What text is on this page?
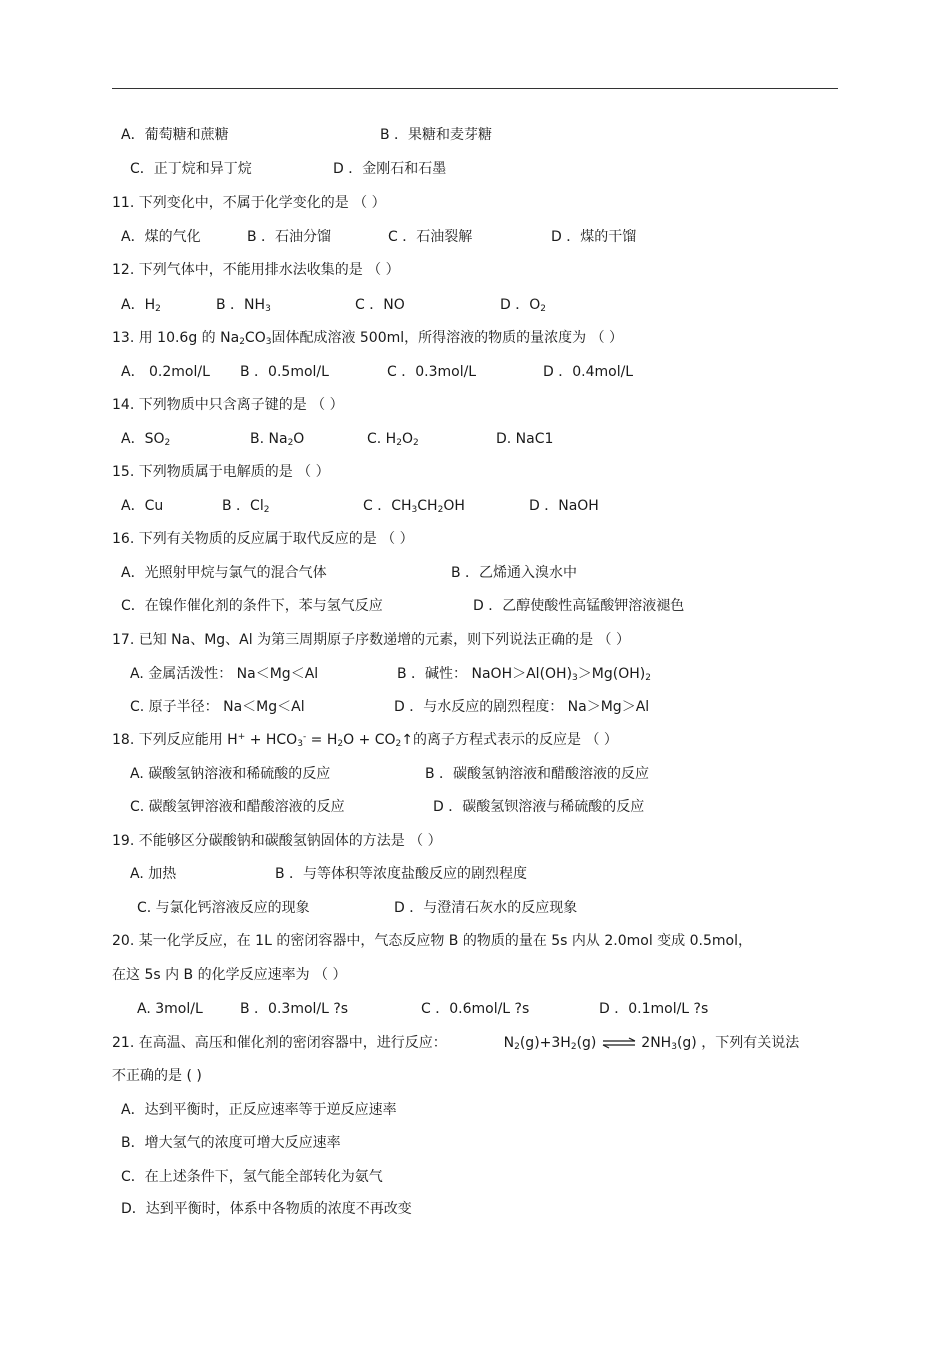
A．葡萄糖和蔗糖	B ．果糖和麦芽糖
C．正丁烷和异丁烷	D ．金刚石和石墨
11. 下列变化中，不属于化学变化的是 （ ）
A．煤的气化	B ．石油分馏	C ．石油裂解	D ．煤的干馏
12. 下列气体中，不能用排水法收集的是 （ ）
A．$H_2$	B ．$NH_3$	C ．NO	D ．$O_2$
13. 用 10.6g 的 $Na_2CO_3$固体配成溶液 500ml，所得溶液的物质的量浓度为 （ ）
A． 0.2mol/L B ．0.5mol/L	C ．0.3mol/L	D ．0.4mol/L
14. 下列物质中只含离子键的是 （ ）
A．$SO_2$	B. $Na_2O$	C. $H_2O_2$	D. NaC1
15. 下列物质属于电解质的是 （ ）
A．Cu	B ．$Cl_2$	C ．$CH_3CH_2OH$	D ．NaOH
16. 下列有关物质的反应属于取代反应的是 （ ）
A．光照射甲烷与氯气的混合气体	B ．乙烯通入溴水中
C．在镍作催化剂的条件下，苯与氢气反应	D ．乙醇使酸性高锰酸钾溶液褪色
17. 已知 Na、Mg、Al 为第三周期原子序数递增的元素，则下列说法正确的是 （ ）
A. 金属活泼性： Na＜Mg＜Al	B ．碱性： $NaOH>Al(OH)_3>Mg(OH)_2$
C. 原子半径： Na＜Mg＜Al	D ．与水反应的剧烈程度： Na＞Mg＞Al
18. 下列反应能用 $H^+ + HCO_3^- = H_2O$ + $CO_2↑$的离子方程式表示的反应是 （ ）
A. 碳酸氢钠溶液和稀硫酸的反应	B ．碳酸氢钠溶液和醋酸溶液的反应
C. 碳酸氢钾溶液和醋酸溶液的反应	D ．碳酸氢钡溶液与稀硫酸的反应
19. 不能够区分碳酸钠和碳酸氢钠固体的方法是 （ ）
A. 加热	B ．与等体积等浓度盐酸反应的剧烈程度
C. 与氯化钙溶液反应的现象	D ．与澄清石灰水的反应现象
20. 某一化学反应，在 1L 的密闭容器中，气态反应物 B 的物质的量在 5s 内从 2.0mol 变成 0.5mol，
在这 5s 内 B 的化学反应速率为 （ ）
A. 3mol/L	B ．0.3mol/L ?s	C ．0.6mol/L ?s	D ．0.1mol/L ?s
21. 在高温、高压和催化剂的密闭容器中，进行反应：	$N_2(g)+3H_2(g)$ ⇌ $2NH_3(g)$ ，下列有关说法
不正确的是 ( )
A．达到平衡时，正反应速率等于逆反应速率
B．增大氢气的浓度可增大反应速率
C．在上述条件下，氢气能全部转化为氨气
D．达到平衡时，体系中各物质的浓度不再改变
